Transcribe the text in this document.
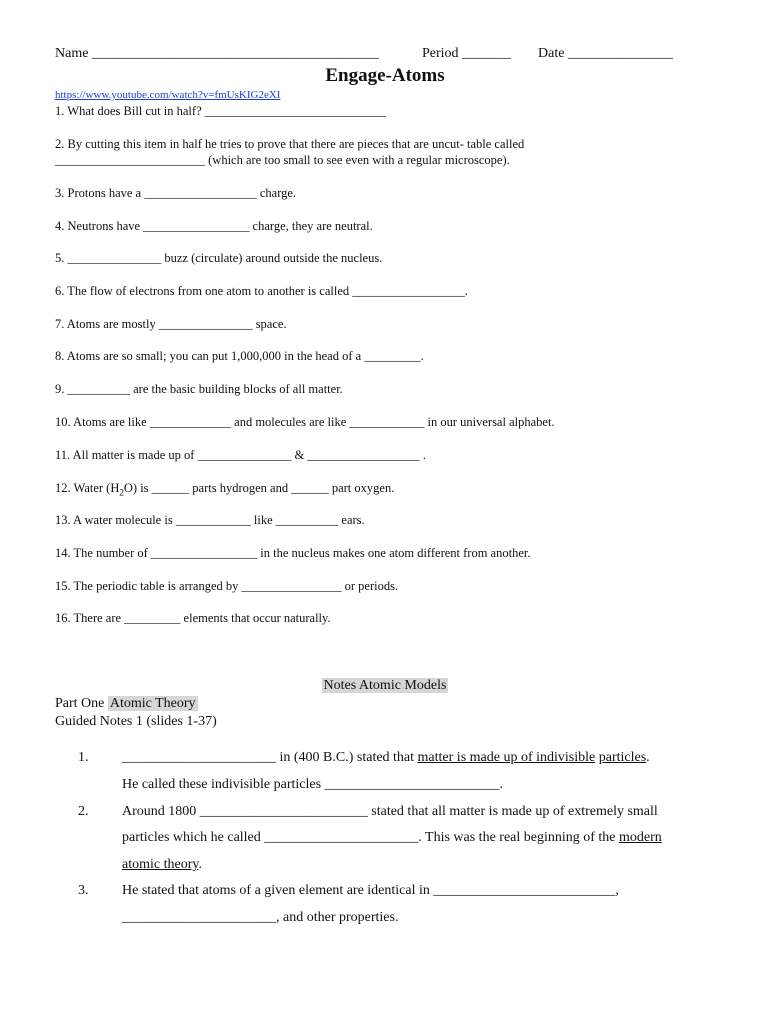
Name _________________________________________	Period _______ Date _______________
Engage-Atoms
https://www.youtube.com/watch?v=fmUsKIG2eXI
1. What does Bill cut in half? _____________________________
2. By cutting this item in half he tries to prove that there are pieces that are uncut- table called
________________________ (which are too small to see even with a regular microscope).
3. Protons have a __________________ charge.
4. Neutrons have _________________ charge, they are neutral.
5. _______________ buzz (circulate) around outside the nucleus.
6. The flow of electrons from one atom to another is called __________________.
7. Atoms are mostly _______________ space.
8. Atoms are so small; you can put 1,000,000 in the head of a _________.
9. __________ are the basic building blocks of all matter.
10. Atoms are like _____________ and molecules are like ____________ in our universal alphabet.
11. All matter is made up of _______________ & __________________ .
12. Water $(H_2O)$ is ______ parts hydrogen and ______ part oxygen.
13. A water molecule is ____________ like __________ ears.
14. The number of _________________ in the nucleus makes one atom different from another.
15. The periodic table is arranged by ________________ or periods.
16. There are _________ elements that occur naturally.
Notes Atomic Models
Part One Atomic Theory
Guided Notes 1 (slides 1-37)
1. ______________________ in (400 B.C.) stated that matter is made up of indivisible particles.
He called these indivisible particles _________________________.
2. Around 1800 ________________________ stated that all matter is made up of extremely small
particles which he called ______________________. This was the real beginning of the modern
atomic theory.
3. He stated that atoms of a given element are identical in __________________________,
______________________, and other properties.
